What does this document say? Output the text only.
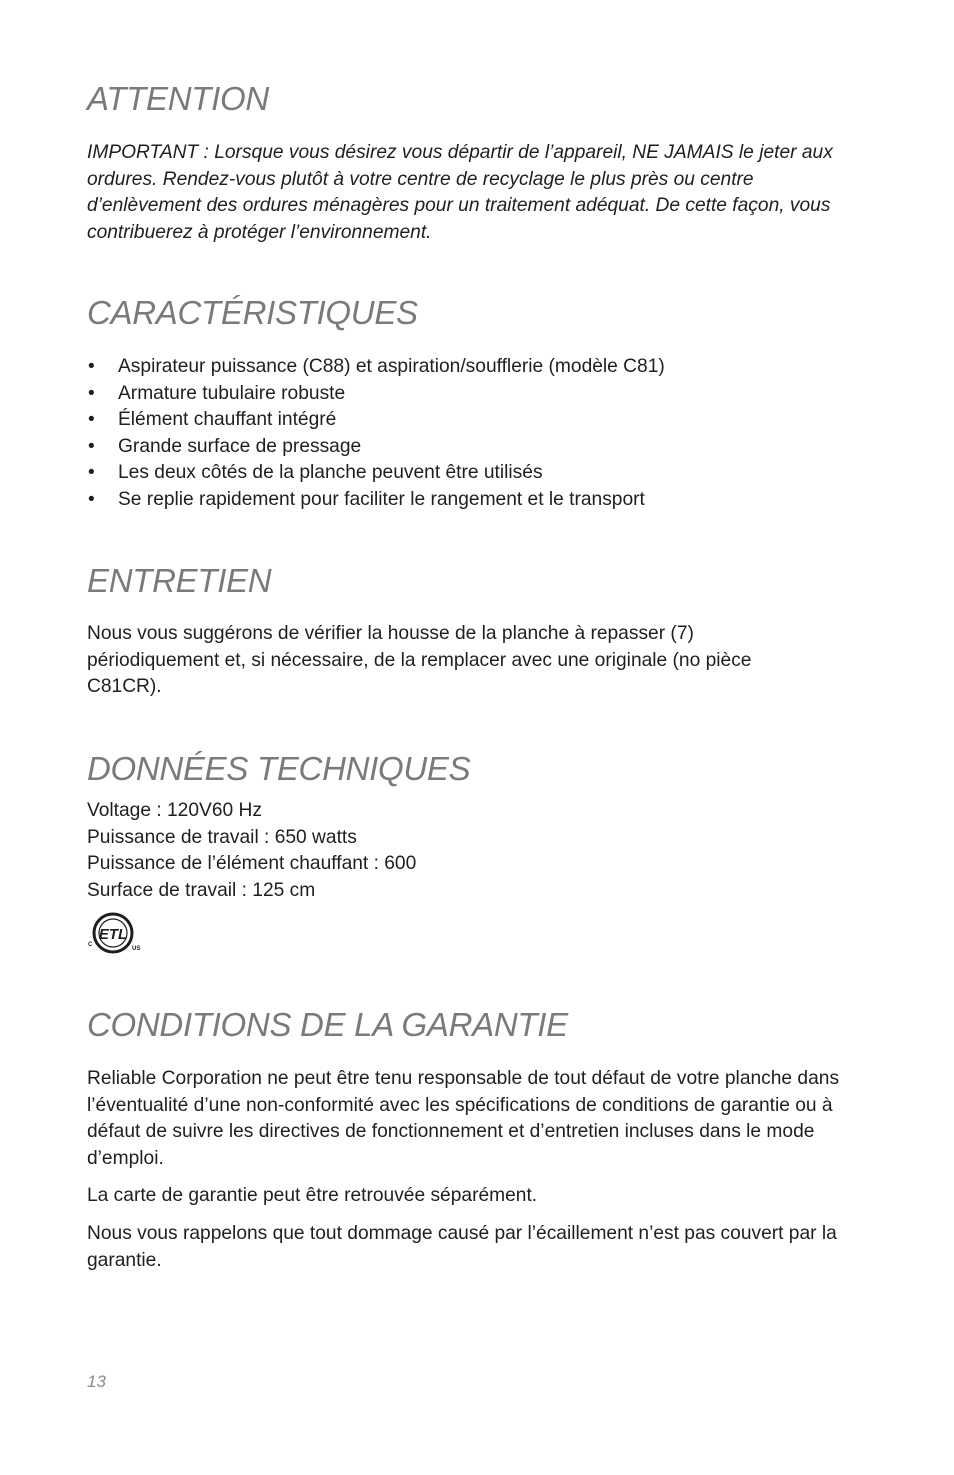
ATTENTION

IMPORTANT : Lorsque vous désirez vous départir de l’appareil, NE JAMAIS le jeter aux ordures. Rendez-vous plutôt à votre centre de recyclage le plus près ou centre d’enlèvement des ordures ménagères pour un traitement adéquat. De cette façon, vous contribuerez à protéger l’environnement.

CARACTÉRISTIQUES
• Aspirateur puissance (C88) et aspiration/soufflerie (modèle C81)
• Armature tubulaire robuste
• Élément chauffant intégré
• Grande surface de pressage
• Les deux côtés de la planche peuvent être utilisés
• Se replie rapidement pour faciliter le rangement et le transport
ENTRETIEN

Nous vous suggérons de vérifier la housse de la planche à repasser (7) périodiquement et, si nécessaire, de la remplacer avec une originale (no pièce C81CR).

DONNÉES TECHNIQUES
Voltage : 120V60 Hz
Puissance de travail : 650 watts
Puissance de l’élément chauffant : 600
Surface de travail : 125 cm
ETL
C
US
CONDITIONS DE LA GARANTIE

Reliable Corporation ne peut être tenu responsable de tout défaut de votre planche dans l’éventualité d’une non-conformité avec les spécifications de conditions de garantie ou à défaut de suivre les directives de fonctionnement et d’entretien incluses dans le mode d’emploi.

La carte de garantie peut être retrouvée séparément.

Nous vous rappelons que tout dommage causé par l’écaillement n’est pas couvert par la garantie.

13
